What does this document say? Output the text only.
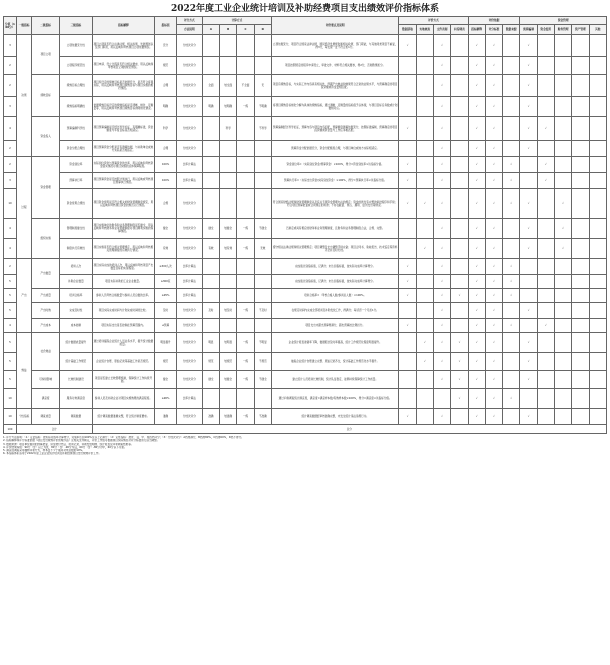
2022年度工业企业统计培训及补助经费项目支出绩效评价指标体系
分值（100分）	一级指标	二级指标	三级指标	指标解释	指标值	评分方式	计算方式				评价要点及说明	评价方式				评价依据			资金管理				
						方法说明	A	B	C	D		数据获取	实地核查	文件查阅	问卷调查	指标解释	评分标准	数据来源	预算编制	资金使用	财务管理	资产管理	其他
3	决策	项目立项	立项依据充分性	项目立项是否符合法律法规、相关政策、发展规划以及部门职责，用以反映和考核项目立项依据情况。	充分	分档次评分					立项依据充分，项目符合国家法律法规、国民经济发展规划和相关政策、部门职能，与其他同类项目不重复，得3分，每发现一处不符合扣1分。	√		√		√	√		√				
2			立项程序规范性	项目申请、设立过程是否符合相关要求，用以反映和考核项目立项的规范情况。	规范	分档次评分					项目按照规定的程序申请设立，审批文件、材料符合相关要求，得2分，否则酌情扣分。			√		√	√		√				
2		绩效目标	绩效目标合理性	项目所设定的绩效目标是否依据充分，是否符合客观实际，用以反映和考核项目绩效目标与项目实施的相符情况。	合理	分档次评分	全面	较全面	不全面	无	项目有绩效目标，与实际工作内容具有相关性，预期产出效益和效果符合正常的业绩水平，与预算确定的项目投资额或资金量相匹配。			√		√	√		√				
3			绩效指标明确性	依据绩效目标设定的绩效指标是否清晰、细化、可衡量等，用以反映和考核项目绩效目标的明细化情况。	明确	分档次评分	明确	较明确	一般	不明确	将项目绩效目标细化分解为具体的绩效指标，通过清晰、可衡量的指标值予以体现，与项目目标任务数或计划数相对应。			√		√	√		√				
4		资金投入	预算编制科学性	项目预算编制是否经过科学论证、有明确标准，资金额度与年度目标是否相适应。	科学	分档次评分		科学		不科学	预算编制经过科学论证，预算内容与项目内容匹配，预算额度测算依据充分，按照标准编制，预算确定的项目投资额或资金量与工作任务相匹配。	√		√		√	√		√	√			
2			资金分配合理性	项目预算资金分配是否有测算依据，与补助单位或地方实际是否相适应。	合理	分档次评分					预算资金分配依据充分，资金分配额度合理，与项目单位或地方实际相适应。			√		√	√		√				
2	过程	资金管理	资金到位率	实际到位资金与预算资金的比率，用以反映和考核资金落实情况对项目实施的总体保障程度。	100%	比率计算法					资金到位率=（实际到位资金/预算资金）×100%，得分=资金到位率×该指标分值。	√		√		√	√	√		√			
3			预算执行率	项目预算资金是否按照计划执行，用以反映或考核项目预算执行情况。	100%	比率计算法					预算执行率=（实际支出资金/实际到位资金）×100%，得分=预算执行率×该指标分值。	√		√		√	√	√		√			
10			资金使用合规性	项目资金使用是否符合相关的财务管理制度规定，用以反映和考核项目资金的规范运行情况。	合规	分档次评分					符合国家财经法规和财务管理制度以及有关专项资金管理办法的规定；资金的拨付有完整的审批程序和手续；符合项目预算批复或合同规定的用途；不存在截留、挤占、挪用、虚列支出等情况。	√	√	√		√	√	√	√		√		
4		组织实施	管理制度健全性	项目实施单位的财务和业务管理制度是否健全，用以反映和考核财务和业务管理制度对项目顺利实施的保障情况。	健全	分档次评分	健全	较健全	一般	不健全	已制定或具有相应的财务和业务管理制度，且财务和业务管理制度合法、合规、完整。			√		√	√		√		√		
4			制度执行有效性	项目实施是否符合相关管理规定，用以反映和考核相关管理制度的有效执行情况。	有效	分档次评分	有效	较有效	一般	无效	遵守相关法律法规和相关管理规定；项目调整及支出调整手续完备；项目合同书、验收报告、技术鉴定等资料齐全并及时归档。		√	√		√	√		√		√		
2	产出	产出数量	培训人次	项目实际完成的培训人次，用以反映和考核项目产出数量目标的实现程度。	≥500人次	比率计算法					完成值达到指标值，记满分；未达到指标值，按实际完成率计算得分。	√		√		√	√	√					
5			补助企业数量	项目实际补助的工业企业数量。	≥300家	比率计算法					完成值达到指标值，记满分；未达到指标值，按实际完成率计算得分。	√		√		√	√	√					
5		产出质量	培训合格率	参训人员考核合格数量与参训人员总数的比率。	≥95%	比率计算法					培训合格率=（考核合格人数/参训总人数）×100%。	√		√	√	√	√	√					
5		产出时效	完成及时性	项目实际完成时间与计划完成时间的比较。	及时	分档次评分	及时	较及时	一般	不及时	在规定时间内完成全部培训及补助发放工作，得满分；每延迟一个月扣1分。			√		√	√		√				
4		产出成本	成本控制	项目实际支出是否控制在预算范围内。	≤预算	分档次评分					项目支出未超出预算得满分，超出预算按比例扣分。	√		√		√	√	√		√			
5	效益	社会效益	统计数据质量提升	通过培训提高企业统计人员业务水平，提升统计数据质量。	明显提升	分档次评分	明显	较明显	一般	不明显	企业统计报表差错率下降，数据报送及时率提高，统计工作规范化程度明显提升。		√	√	√	√	√		√				
5			统计基础工作规范	企业统计台账、原始记录等基础工作是否规范。	规范	分档次评分	规范	较规范	一般	不规范	抽查企业统计台账建立完整、原始记录齐全，统计基础工作规范化水平提升。		√	√	√	√	√		√				
5		可持续影响	长效机制建设	项目是否建立长效管理机制，保障统计工作持续开展。	健全	分档次评分	健全	较健全	一般	不健全	建立统计人员培训长效机制，统计队伍稳定，能够持续保障统计工作质量。			√	√	√	√		√				
10		满意度	服务对象满意度	参训人员及补助企业对项目实施效果的满意程度。	≥90%	比率计算法					通过问卷调查统计满意度，满意度=满意样本数/有效样本数×100%，得分=满意度×该指标分值。				√	√	√	√					
10	个性指标	调查质量	调查数据	统计调查数据准确完整，符合统计制度要求。	准确	分档次评分	准确	较准确	一般	不准确	统计调查数据经审核准确完整，未发生统计违法违规行为。	√		√		√	√		√				
100	合计			总分																			
1. 评分方法说明：（1）定量指标：按实际完成率计算得分，完成率达到100%及以上记满分；（2）定性指标：按优、良、中、差四档评分；（3）分档次评分：A档得满分，B档得80%，C档得60%，D档不得分。
2. 指标解释和评分标准依据《项目支出绩效评价管理办法》及相关文件制定，评价工作组可根据项目实际情况对评分标准进行适当调整。
3. 数据来源：项目单位提供的预算批复、资金拨付凭证、培训记录、补助发放明细、统计报表及问卷调查结果等。
4. 评价结果等级：90分（含）以上为优，80分（含）-90分为良，60分（含）-80分为中，60分以下为差。
5. 满意度调查采用抽样问卷方式，样本量不少于服务对象总数的10%。
6. 本指标体系适用于2022年度工业企业统计培训及补助经费项目支出绩效评价工作。
